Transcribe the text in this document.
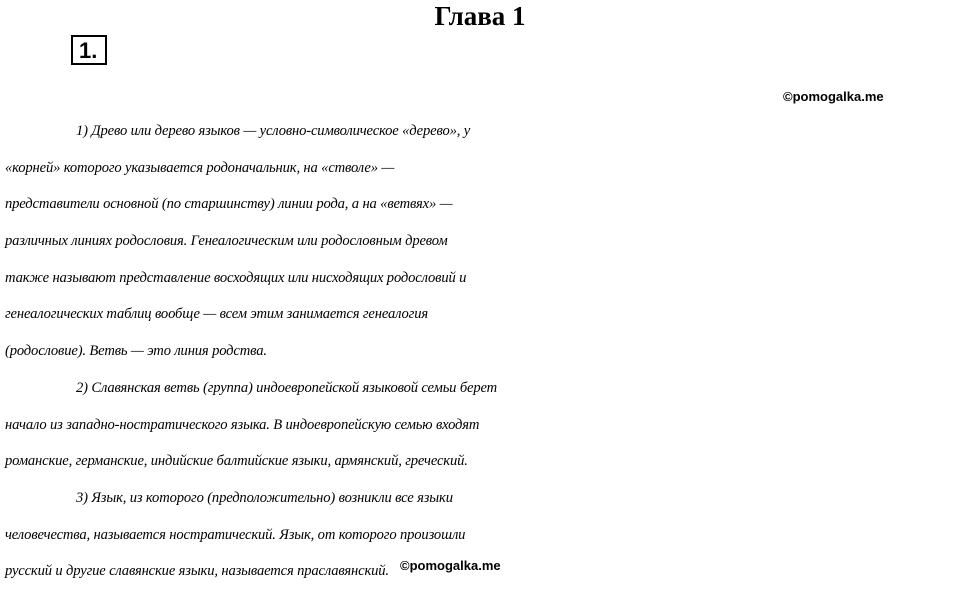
Глава 1
1.
©pomogalka.me
1) Древо или дерево языков — условно-символическое «дерево», у
«корней» которого указывается родоначальник, на «стволе» —
представители основной (по старшинству) линии рода, а на «ветвях» —
различных линиях родословия. Генеалогическим или родословным древом
также называют представление восходящих или нисходящих родословий и
генеалогических таблиц вообще — всем этим занимается генеалогия
(родословие). Ветвь — это линия родства.
2) Славянская ветвь (группа) индоевропейской языковой семьи берет
начало из западно-ностратического языка. В индоевропейскую семью входят
романские, германские, индийские балтийские языки, армянский, греческий.
3) Язык, из которого (предположительно) возникли все языки
человечества, называется ностратический. Язык, от которого произошли
русский и другие славянские языки, называется праславянский. ©pomogalka.me
